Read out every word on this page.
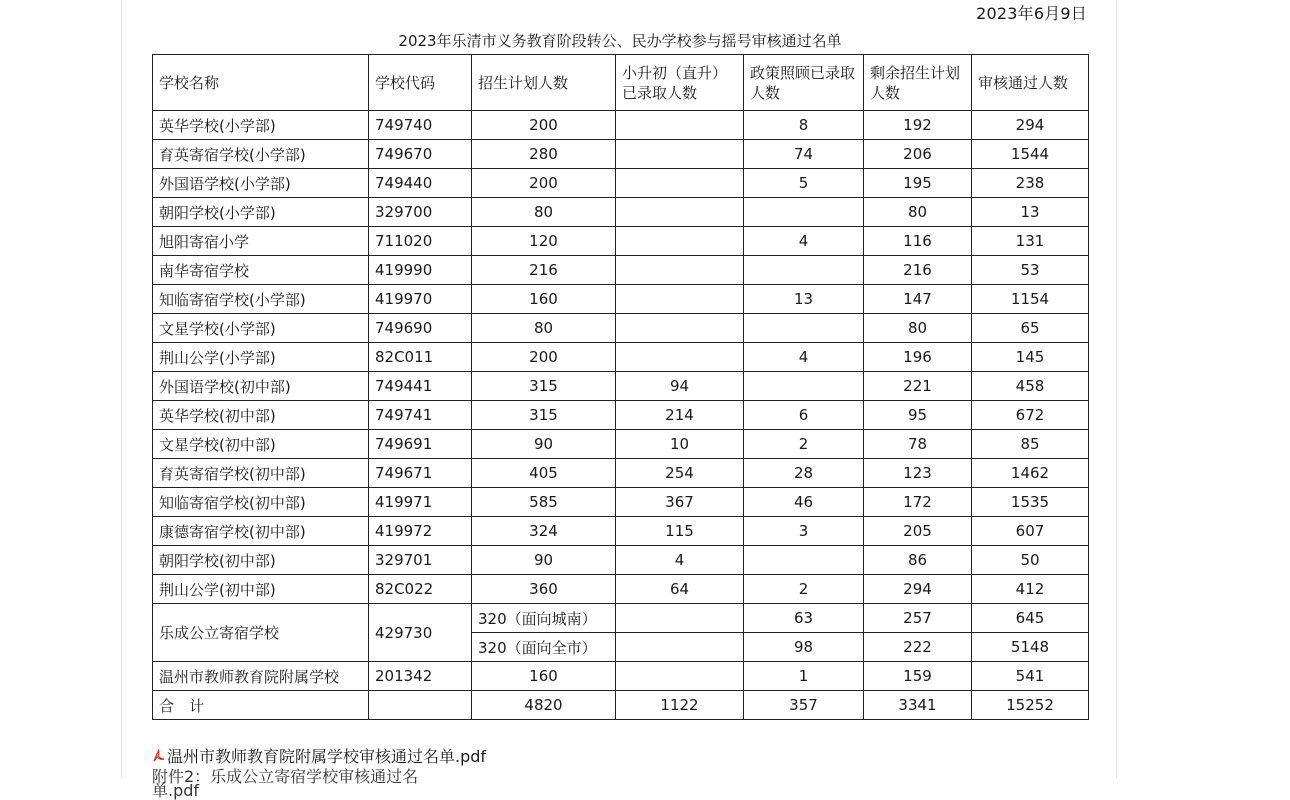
2023年6月9日
2023年乐清市义务教育阶段转公、民办学校参与摇号审核通过名单
学校名称	学校代码	招生计划人数	小升初（直升）已录取人数	政策照顾已录取人数	剩余招生计划人数	审核通过人数
英华学校(小学部)	749740	200		8	192	294
育英寄宿学校(小学部)	749670	280		74	206	1544
外国语学校(小学部)	749440	200		5	195	238
朝阳学校(小学部)	329700	80			80	13
旭阳寄宿小学	711020	120		4	116	131
南华寄宿学校	419990	216			216	53
知临寄宿学校(小学部)	419970	160		13	147	1154
文星学校(小学部)	749690	80			80	65
荆山公学(小学部)	82C011	200		4	196	145
外国语学校(初中部)	749441	315	94		221	458
英华学校(初中部)	749741	315	214	6	95	672
文星学校(初中部)	749691	90	10	2	78	85
育英寄宿学校(初中部)	749671	405	254	28	123	1462
知临寄宿学校(初中部)	419971	585	367	46	172	1535
康德寄宿学校(初中部)	419972	324	115	3	205	607
朝阳学校(初中部)	329701	90	4		86	50
荆山公学(初中部)	82C022	360	64	2	294	412
乐成公立寄宿学校	429730	320（面向城南）		63	257	645
		320（面向全市）		98	222	5148
温州市教师教育院附属学校	201342	160		1	159	541
合　计		4820	1122	357	3341	15252
温州市教师教育院附属学校审核通过名单.pdf
附件2：乐成公立寄宿学校审核通过名单.pdf
